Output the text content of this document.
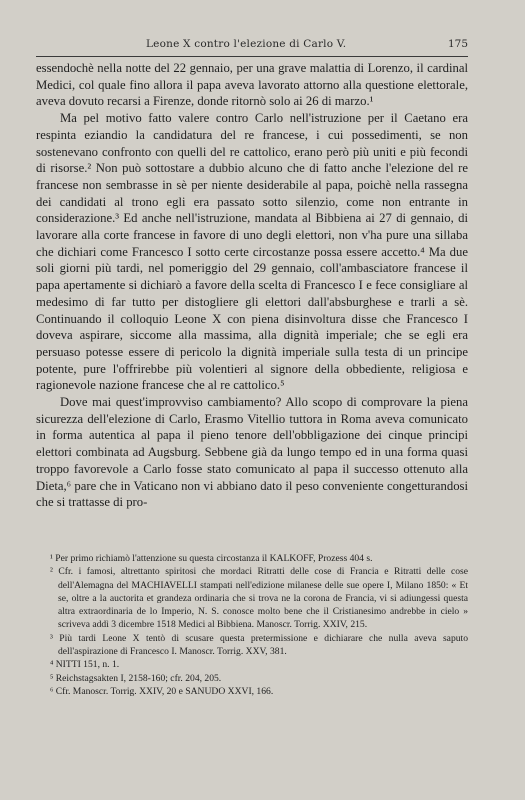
Leone X contro l'elezione di Carlo V.	175

essendochè nella notte del 22 gennaio, per una grave malattia di Lorenzo, il cardinal Medici, col quale fino allora il papa aveva lavorato attorno alla questione elettorale, aveva dovuto recarsi a Firenze, donde ritornò solo ai 26 di marzo.¹

Ma pel motivo fatto valere contro Carlo nell'istruzione per il Caetano era respinta eziandio la candidatura del re francese, i cui possedimenti, se non sostenevano confronto con quelli del re cattolico, erano però più uniti e più fecondi di risorse.² Non può sottostare a dubbio alcuno che di fatto anche l'elezione del re francese non sembrasse in sè per niente desiderabile al papa, poichè nella rassegna dei candidati al trono egli era passato sotto silenzio, come non entrante in considerazione.³ Ed anche nell'istruzione, mandata al Bibbiena ai 27 di gennaio, di lavorare alla corte francese in favore di uno degli elettori, non v'ha pure una sillaba che dichiari come Francesco I sotto certe circostanze possa essere accetto.⁴ Ma due soli giorni più tardi, nel pomeriggio del 29 gennaio, coll'ambasciatore francese il papa apertamente si dichiarò a favore della scelta di Francesco I e fece consigliare al medesimo di far tutto per distogliere gli elettori dall'absburghese e trarli a sè. Continuando il colloquio Leone X con piena disinvoltura disse che Francesco I doveva aspirare, siccome alla massima, alla dignità imperiale; che se egli era persuaso potesse essere di pericolo la dignità imperiale sulla testa di un principe potente, pure l'offrirebbe più volentieri al signore della obbediente, religiosa e ragionevole nazione francese che al re cattolico.⁵

Dove mai quest'improvviso cambiamento? Allo scopo di comprovare la piena sicurezza dell'elezione di Carlo, Erasmo Vitellio tuttora in Roma aveva comunicato in forma autentica al papa il pieno tenore dell'obbligazione dei cinque principi elettori combinata ad Augsburg. Sebbene già da lungo tempo ed in una forma quasi troppo favorevole a Carlo fosse stato comunicato al papa il successo ottenuto alla Dieta,⁶ pare che in Vaticano non vi abbiano dato il peso conveniente congetturandosi che si trattasse di pro-

¹ Per primo richiamò l'attenzione su questa circostanza il KALKOFF, Prozess 404 s.

² Cfr. i famosi, altrettanto spiritosi che mordaci Ritratti delle cose di Francia e Ritratti delle cose dell'Alemagna del MACHIAVELLI stampati nell'edizione milanese delle sue opere I, Milano 1850: « Et se, oltre a la auctorita et grandeza ordinaria che si trova ne la corona de Francia, vi si adiungessi questa altra extraordinaria de lo Imperio, N. S. conosce molto bene che il Cristianesimo andrebbe in cielo » scriveva addì 3 dicembre 1518 Medici al Bibbiena. Manoscr. Torrig. XXIV, 215.

³ Più tardi Leone X tentò di scusare questa pretermissione e dichiarare che nulla aveva saputo dell'aspirazione di Francesco I. Manoscr. Torrig. XXV, 381.

⁴ NITTI 151, n. 1.

⁵ Reichstagsakten I, 2158-160; cfr. 204, 205.

⁶ Cfr. Manoscr. Torrig. XXIV, 20 e SANUDO XXVI, 166.
